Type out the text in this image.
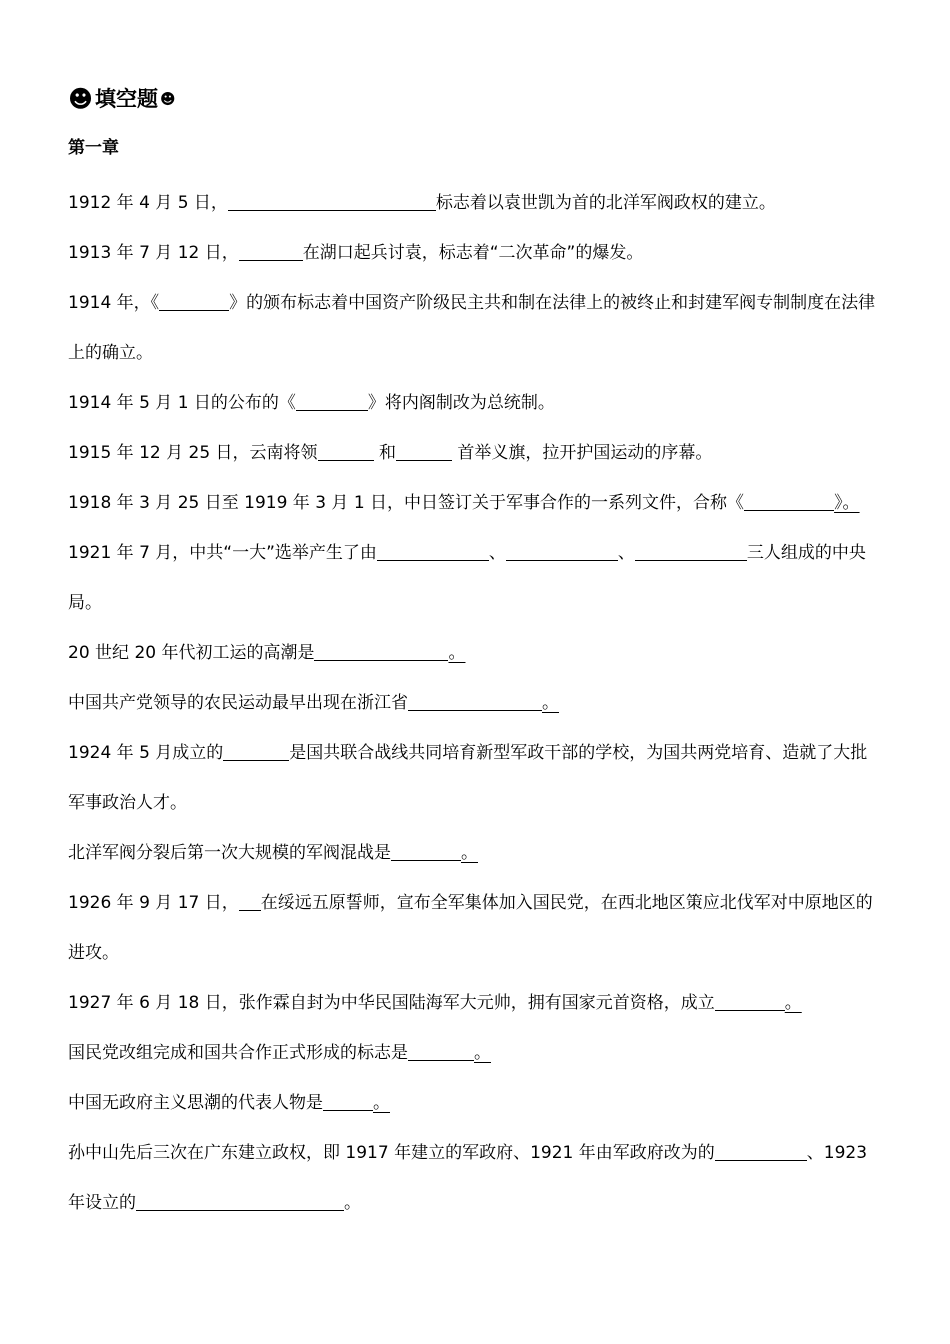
☻ 填空题 ☻
第一章

1912 年 4 月 5 日，	标志着以袁世凯为首的北洋军阀政权的建立。

1913 年 7 月 12 日，	在湖口起兵讨袁，标志着“二次革命”的爆发。

1914 年，《	》的颁布标志着中国资产阶级民主共和制在法律上的被终止和封建军阀专制制度在法律上的确立。

1914 年 5 月 1 日的公布的《	》将内阁制改为总统制。

1915 年 12 月 25 日，云南将领	和	首举义旗，拉开护国运动的序幕。

1918 年 3 月 25 日至 1919 年 3 月 1 日，中日签订关于军事合作的一系列文件，合称《	》。

1921 年 7 月，中共“一大”选举产生了由	、	、	三人组成的中央局。

20 世纪 20 年代初工运的高潮是	。

中国共产党领导的农民运动最早出现在浙江省	。

1924 年 5 月成立的	是国共联合战线共同培育新型军政干部的学校，为国共两党培育、造就了大批军事政治人才。

北洋军阀分裂后第一次大规模的军阀混战是	。

1926 年 9 月 17 日， 在绥远五原誓师，宣布全军集体加入国民党，在西北地区策应北伐军对中原地区的进攻。

1927 年 6 月 18 日，张作霖自封为中华民国陆海军大元帅，拥有国家元首资格，成立	。

国民党改组完成和国共合作正式形成的标志是	。

中国无政府主义思潮的代表人物是	。

孙中山先后三次在广东建立政权，即 1917 年建立的军政府、1921 年由军政府改为的	、1923 年设立的	。
